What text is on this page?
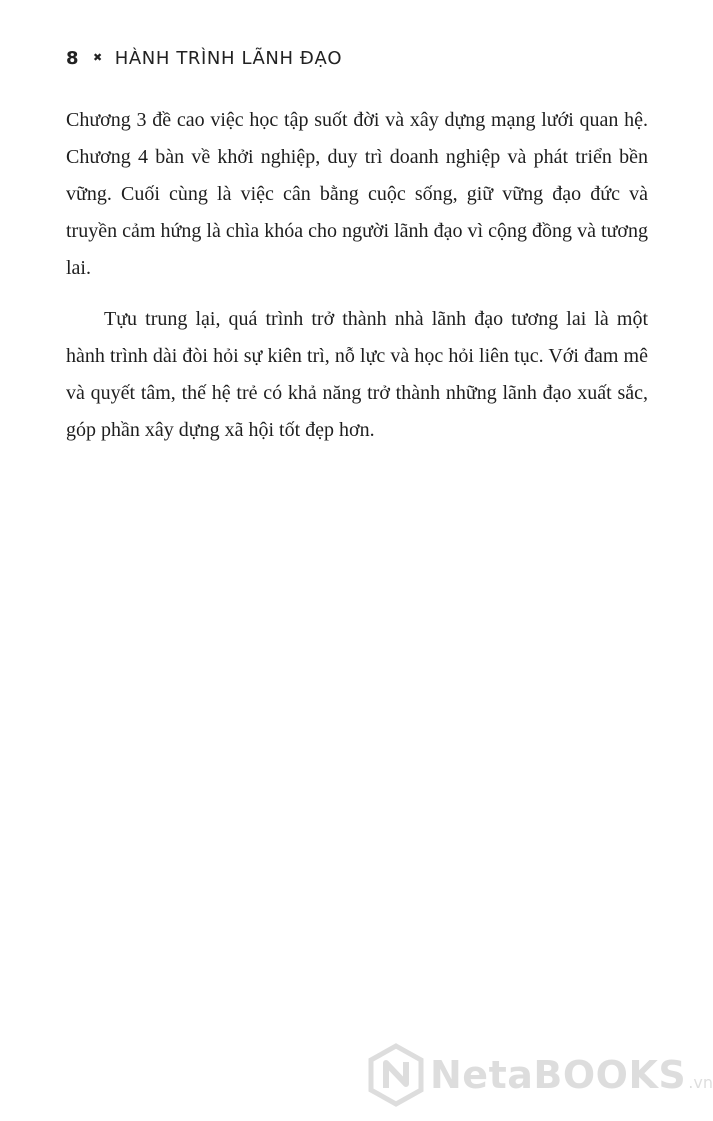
8 ✖ HÀNH TRÌNH LÃNH ĐẠO

Chương 3 đề cao việc học tập suốt đời và xây dựng mạng lưới quan hệ. Chương 4 bàn về khởi nghiệp, duy trì doanh nghiệp và phát triển bền vững. Cuối cùng là việc cân bằng cuộc sống, giữ vững đạo đức và truyền cảm hứng là chìa khóa cho người lãnh đạo vì cộng đồng và tương lai.

Tựu trung lại, quá trình trở thành nhà lãnh đạo tương lai là một hành trình dài đòi hỏi sự kiên trì, nỗ lực và học hỏi liên tục. Với đam mê và quyết tâm, thế hệ trẻ có khả năng trở thành những lãnh đạo xuất sắc, góp phần xây dựng xã hội tốt đẹp hơn.

NetaBOOKS .vn
